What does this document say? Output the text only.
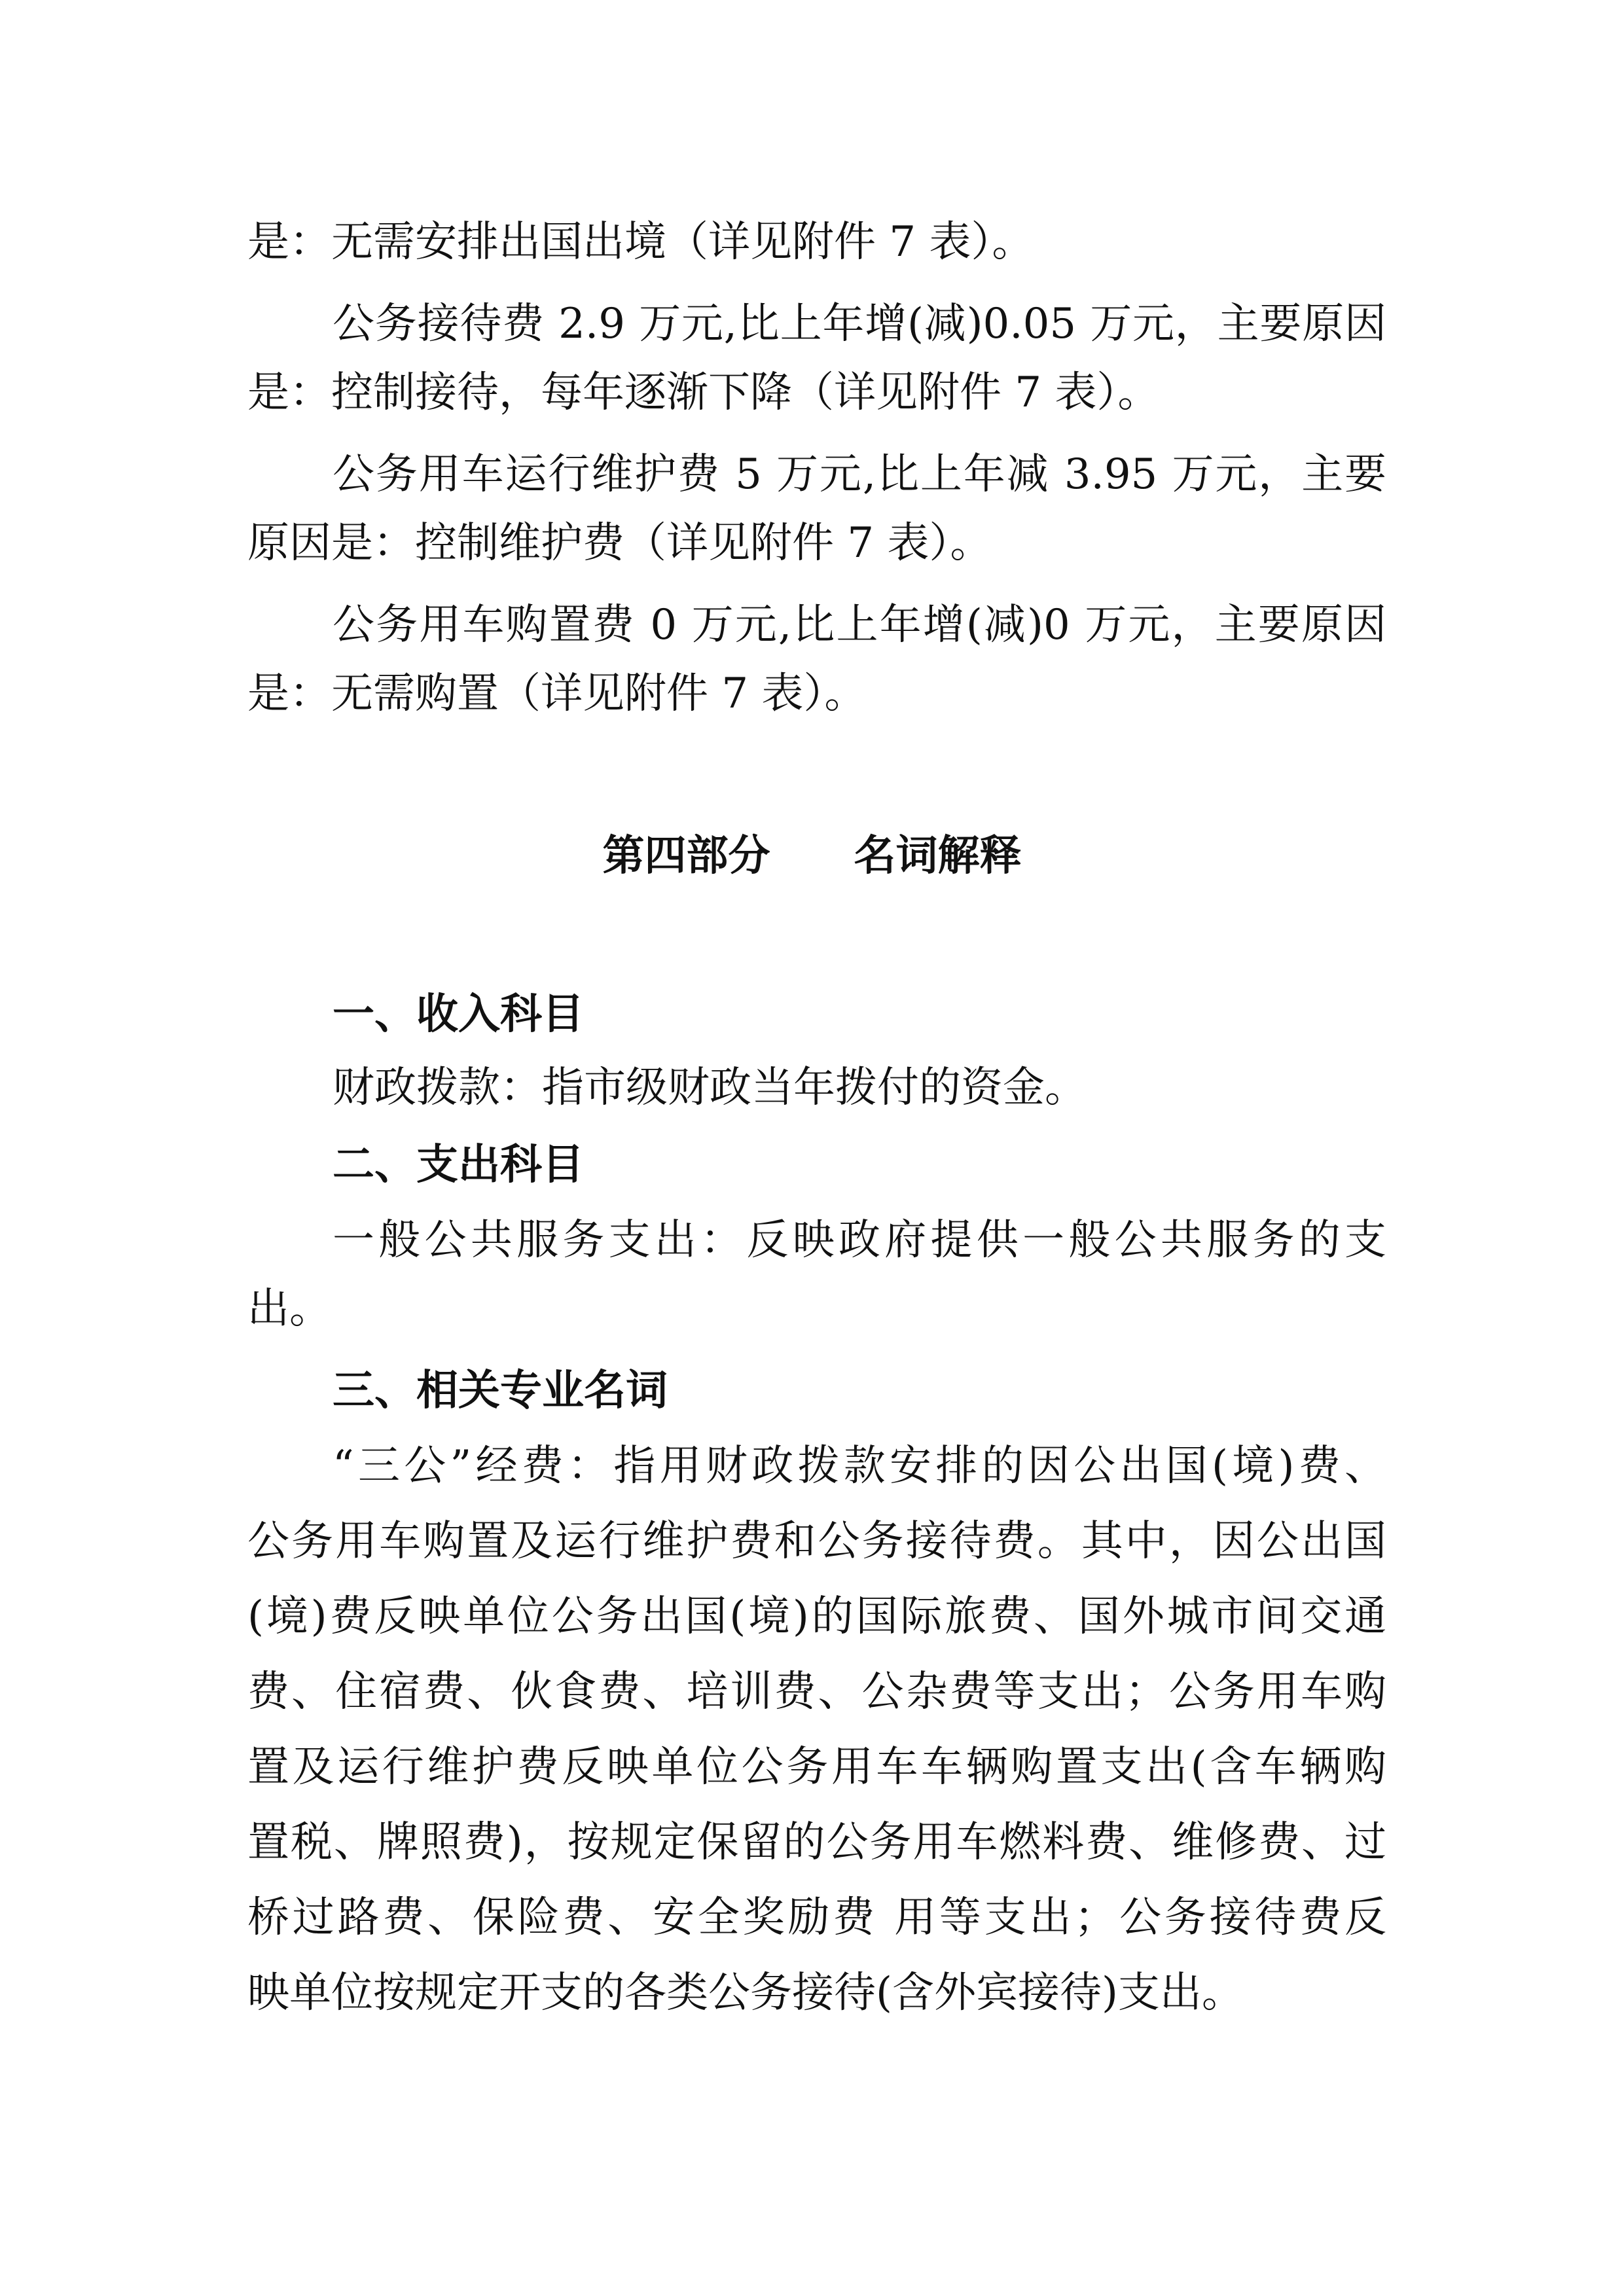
是：无需安排出国出境（详见附件 7 表）。
公务接待费 2.9 万元,比上年增(减)0.05 万元，主要原因
是：控制接待，每年逐渐下降（详见附件 7 表）。
公务用车运行维护费 5 万元,比上年减 3.95 万元，主要
原因是：控制维护费（详见附件 7 表）。
公务用车购置费 0 万元,比上年增(减)0 万元，主要原因
是：无需购置（详见附件 7 表）。
第四部分　　名词解释
一、收入科目
财政拨款：指市级财政当年拨付的资金。
二、支出科目
一般公共服务支出：反映政府提供一般公共服务的支
出。
三、相关专业名词
“三公”经费：指用财政拨款安排的因公出国(境)费、
公务用车购置及运行维护费和公务接待费。其中，因公出国
(境)费反映单位公务出国(境)的国际旅费、国外城市间交通
费、住宿费、伙食费、培训费、公杂费等支出；公务用车购
置及运行维护费反映单位公务用车车辆购置支出(含车辆购
置税、牌照费)，按规定保留的公务用车燃料费、维修费、过
桥过路费、保险费、安全奖励费 用等支出；公务接待费反
映单位按规定开支的各类公务接待(含外宾接待)支出。
